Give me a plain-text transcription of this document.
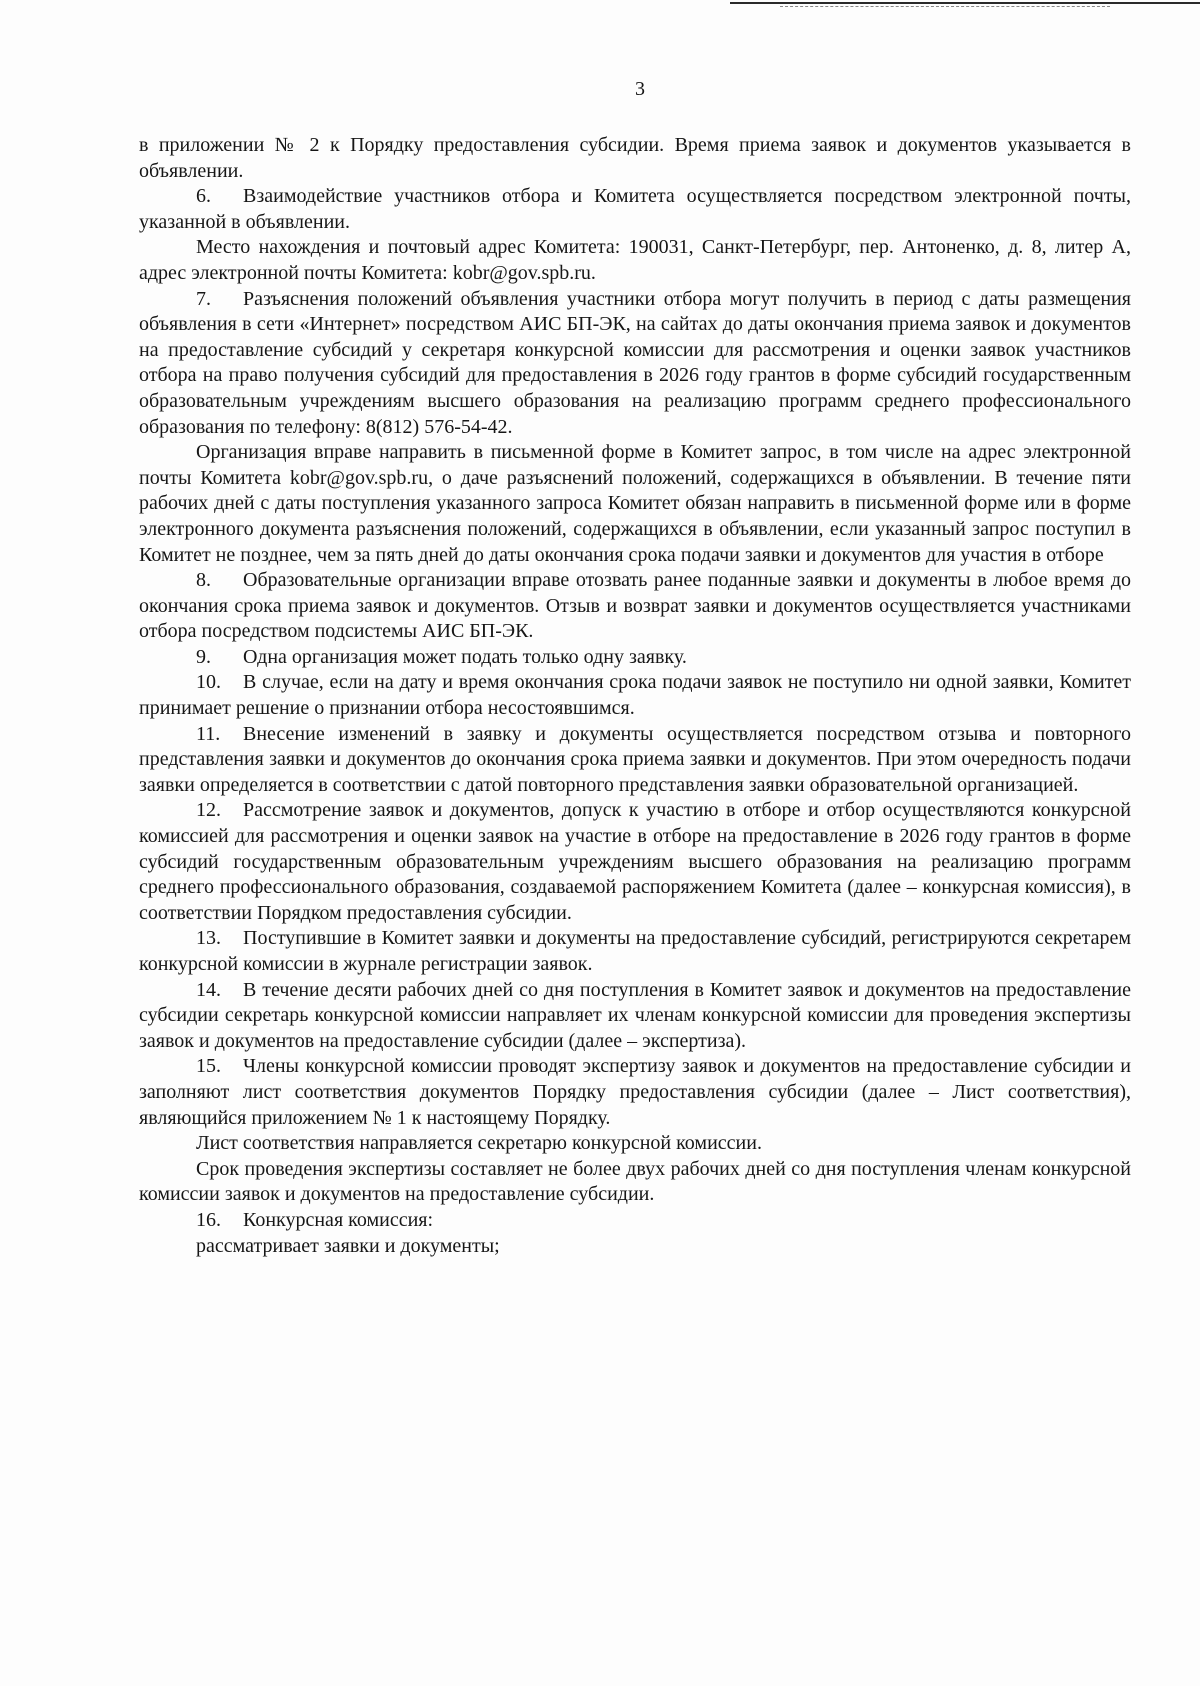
3

в приложении № 2 к Порядку предоставления субсидии. Время приема заявок и документов указывается в объявлении.

6. Взаимодействие участников отбора и Комитета осуществляется посредством электронной почты, указанной в объявлении.

Место нахождения и почтовый адрес Комитета: 190031, Санкт-Петербург, пер. Антоненко, д. 8, литер А, адрес электронной почты Комитета: kobr@gov.spb.ru.

7. Разъяснения положений объявления участники отбора могут получить в период с даты размещения объявления в сети «Интернет» посредством АИС БП-ЭК, на сайтах до даты окончания приема заявок и документов на предоставление субсидий у секретаря конкурсной комиссии для рассмотрения и оценки заявок участников отбора на право получения субсидий для предоставления в 2026 году грантов в форме субсидий государственным образовательным учреждениям высшего образования на реализацию программ среднего профессионального образования по телефону: 8(812) 576-54-42.

Организация вправе направить в письменной форме в Комитет запрос, в том числе на адрес электронной почты Комитета kobr@gov.spb.ru, о даче разъяснений положений, содержащихся в объявлении. В течение пяти рабочих дней с даты поступления указанного запроса Комитет обязан направить в письменной форме или в форме электронного документа разъяснения положений, содержащихся в объявлении, если указанный запрос поступил в Комитет не позднее, чем за пять дней до даты окончания срока подачи заявки и документов для участия в отборе

8. Образовательные организации вправе отозвать ранее поданные заявки и документы в любое время до окончания срока приема заявок и документов. Отзыв и возврат заявки и документов осуществляется участниками отбора посредством подсистемы АИС БП-ЭК.

9. Одна организация может подать только одну заявку.

10. В случае, если на дату и время окончания срока подачи заявок не поступило ни одной заявки, Комитет принимает решение о признании отбора несостоявшимся.

11. Внесение изменений в заявку и документы осуществляется посредством отзыва и повторного представления заявки и документов до окончания срока приема заявки и документов. При этом очередность подачи заявки определяется в соответствии с датой повторного представления заявки образовательной организацией.

12. Рассмотрение заявок и документов, допуск к участию в отборе и отбор осуществляются конкурсной комиссией для рассмотрения и оценки заявок на участие в отборе на предоставление в 2026 году грантов в форме субсидий государственным образовательным учреждениям высшего образования на реализацию программ среднего профессионального образования, создаваемой распоряжением Комитета (далее – конкурсная комиссия), в соответствии Порядком предоставления субсидии.

13. Поступившие в Комитет заявки и документы на предоставление субсидий, регистрируются секретарем конкурсной комиссии в журнале регистрации заявок.

14. В течение десяти рабочих дней со дня поступления в Комитет заявок и документов на предоставление субсидии секретарь конкурсной комиссии направляет их членам конкурсной комиссии для проведения экспертизы заявок и документов на предоставление субсидии (далее – экспертиза).

15. Члены конкурсной комиссии проводят экспертизу заявок и документов на предоставление субсидии и заполняют лист соответствия документов Порядку предоставления субсидии (далее – Лист соответствия), являющийся приложением № 1 к настоящему Порядку.

Лист соответствия направляется секретарю конкурсной комиссии.

Срок проведения экспертизы составляет не более двух рабочих дней со дня поступления членам конкурсной комиссии заявок и документов на предоставление субсидии.

16. Конкурсная комиссия:

рассматривает заявки и документы;
